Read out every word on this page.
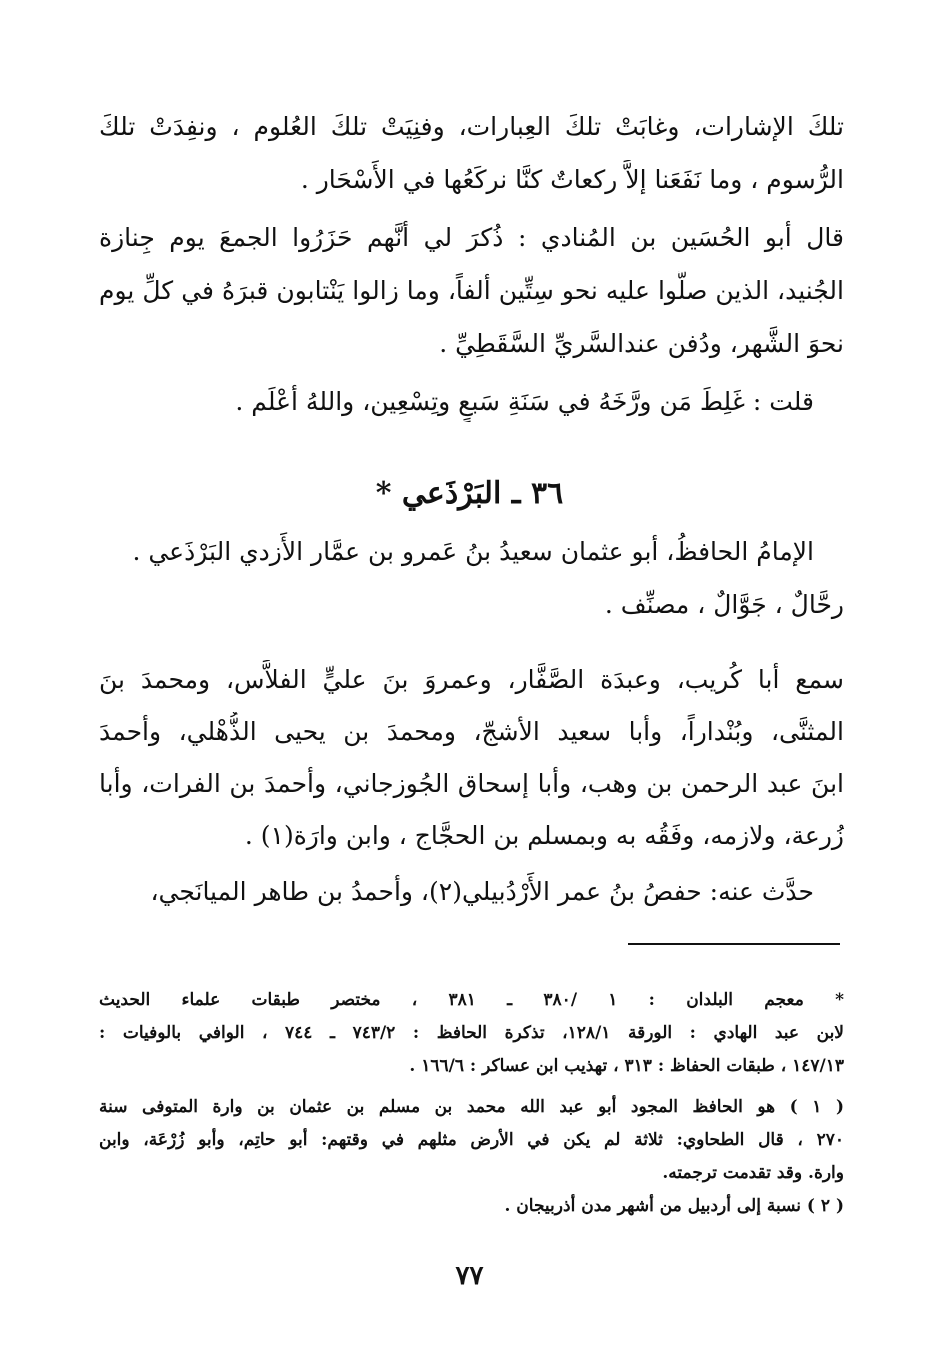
تلكَ الإشارات، وغابَتْ تلكَ العِبارات، وفنِيَتْ تلكَ العُلوم ، ونفِدَتْ تلكَ
الرُّسوم ، وما نَفَعَنا إلاَّ ركعاتٌ كنَّا نركَعُها في الأَسْحَار .
قال أبو الحُسَين بن المُنادي : ذُكرَ لي أنَّهم حَزَرُوا الجمعَ يوم جِنازة
الجُنيد، الذين صلَّوا عليه نحو سِتِّين ألفاً، وما زالوا يَنْتابون قبرَهُ في كلِّ يوم
نحوَ الشَّهر، ودُفن عندالسَّريِّ السَّقَطِيِّ .
قلت : غَلِطَ مَن ورَّخَهُ في سَنَةِ سَبعٍ وتِسْعِين، واللهُ أعْلَم .
٣٦ ـ البَرْذَعي *
الإمامُ الحافظُ، أبو عثمان سعيدُ بنُ عَمرو بن عمَّار الأَزدي البَرْذَعي .
رحَّالٌ ، جَوَّالٌ ، مصنِّف .
سمع أبا كُريب، وعبدَة الصَّفَّار، وعمروَ بنَ عليٍّ الفلاَّس، ومحمدَ بنَ
المثنَّى، وبُنْداراً، وأبا سعيد الأشجّ، ومحمدَ بن يحيى الذُّهْلي، وأحمدَ
ابنَ عبد الرحمن بن وهب، وأبا إسحاق الجُوزجاني، وأحمدَ بن الفرات، وأبا
زُرعة، ولازمه، وفَقُه به وبمسلم بن الحجَّاج ، وابن وارَة(١) .
حدَّث عنه: حفصُ بنُ عمر الأَرْدُبيلي(٢)، وأحمدُ بن طاهر الميانَجي،
* معجم البلدان : ١ /٣٨٠ ـ ٣٨١ ، مختصر طبقات علماء الحديث
لابن عبد الهادي : الورقة ١٢٨/١، تذكرة الحافظ : ٧٤٣/٢ ـ ٧٤٤ ، الوافي بالوفيات :
١٤٧/١٣ ، طبقات الحفاظ : ٣١٣ ، تهذيب ابن عساكر : ١٦٦/٦ .
( ١ ) هو الحافظ المجود أبو عبد الله محمد بن مسلم بن عثمان بن وارة المتوفى سنة
٢٧٠ ، قال الطحاوي: ثلاثة لم يكن في الأرض مثلهم في وقتهم: أبو حاتِم، وأبو زُرْعَة، وابن
وارة. وقد تقدمت ترجمته.
( ٢ ) نسبة إلى أردبيل من أشهر مدن أذربيجان .
٧٧
